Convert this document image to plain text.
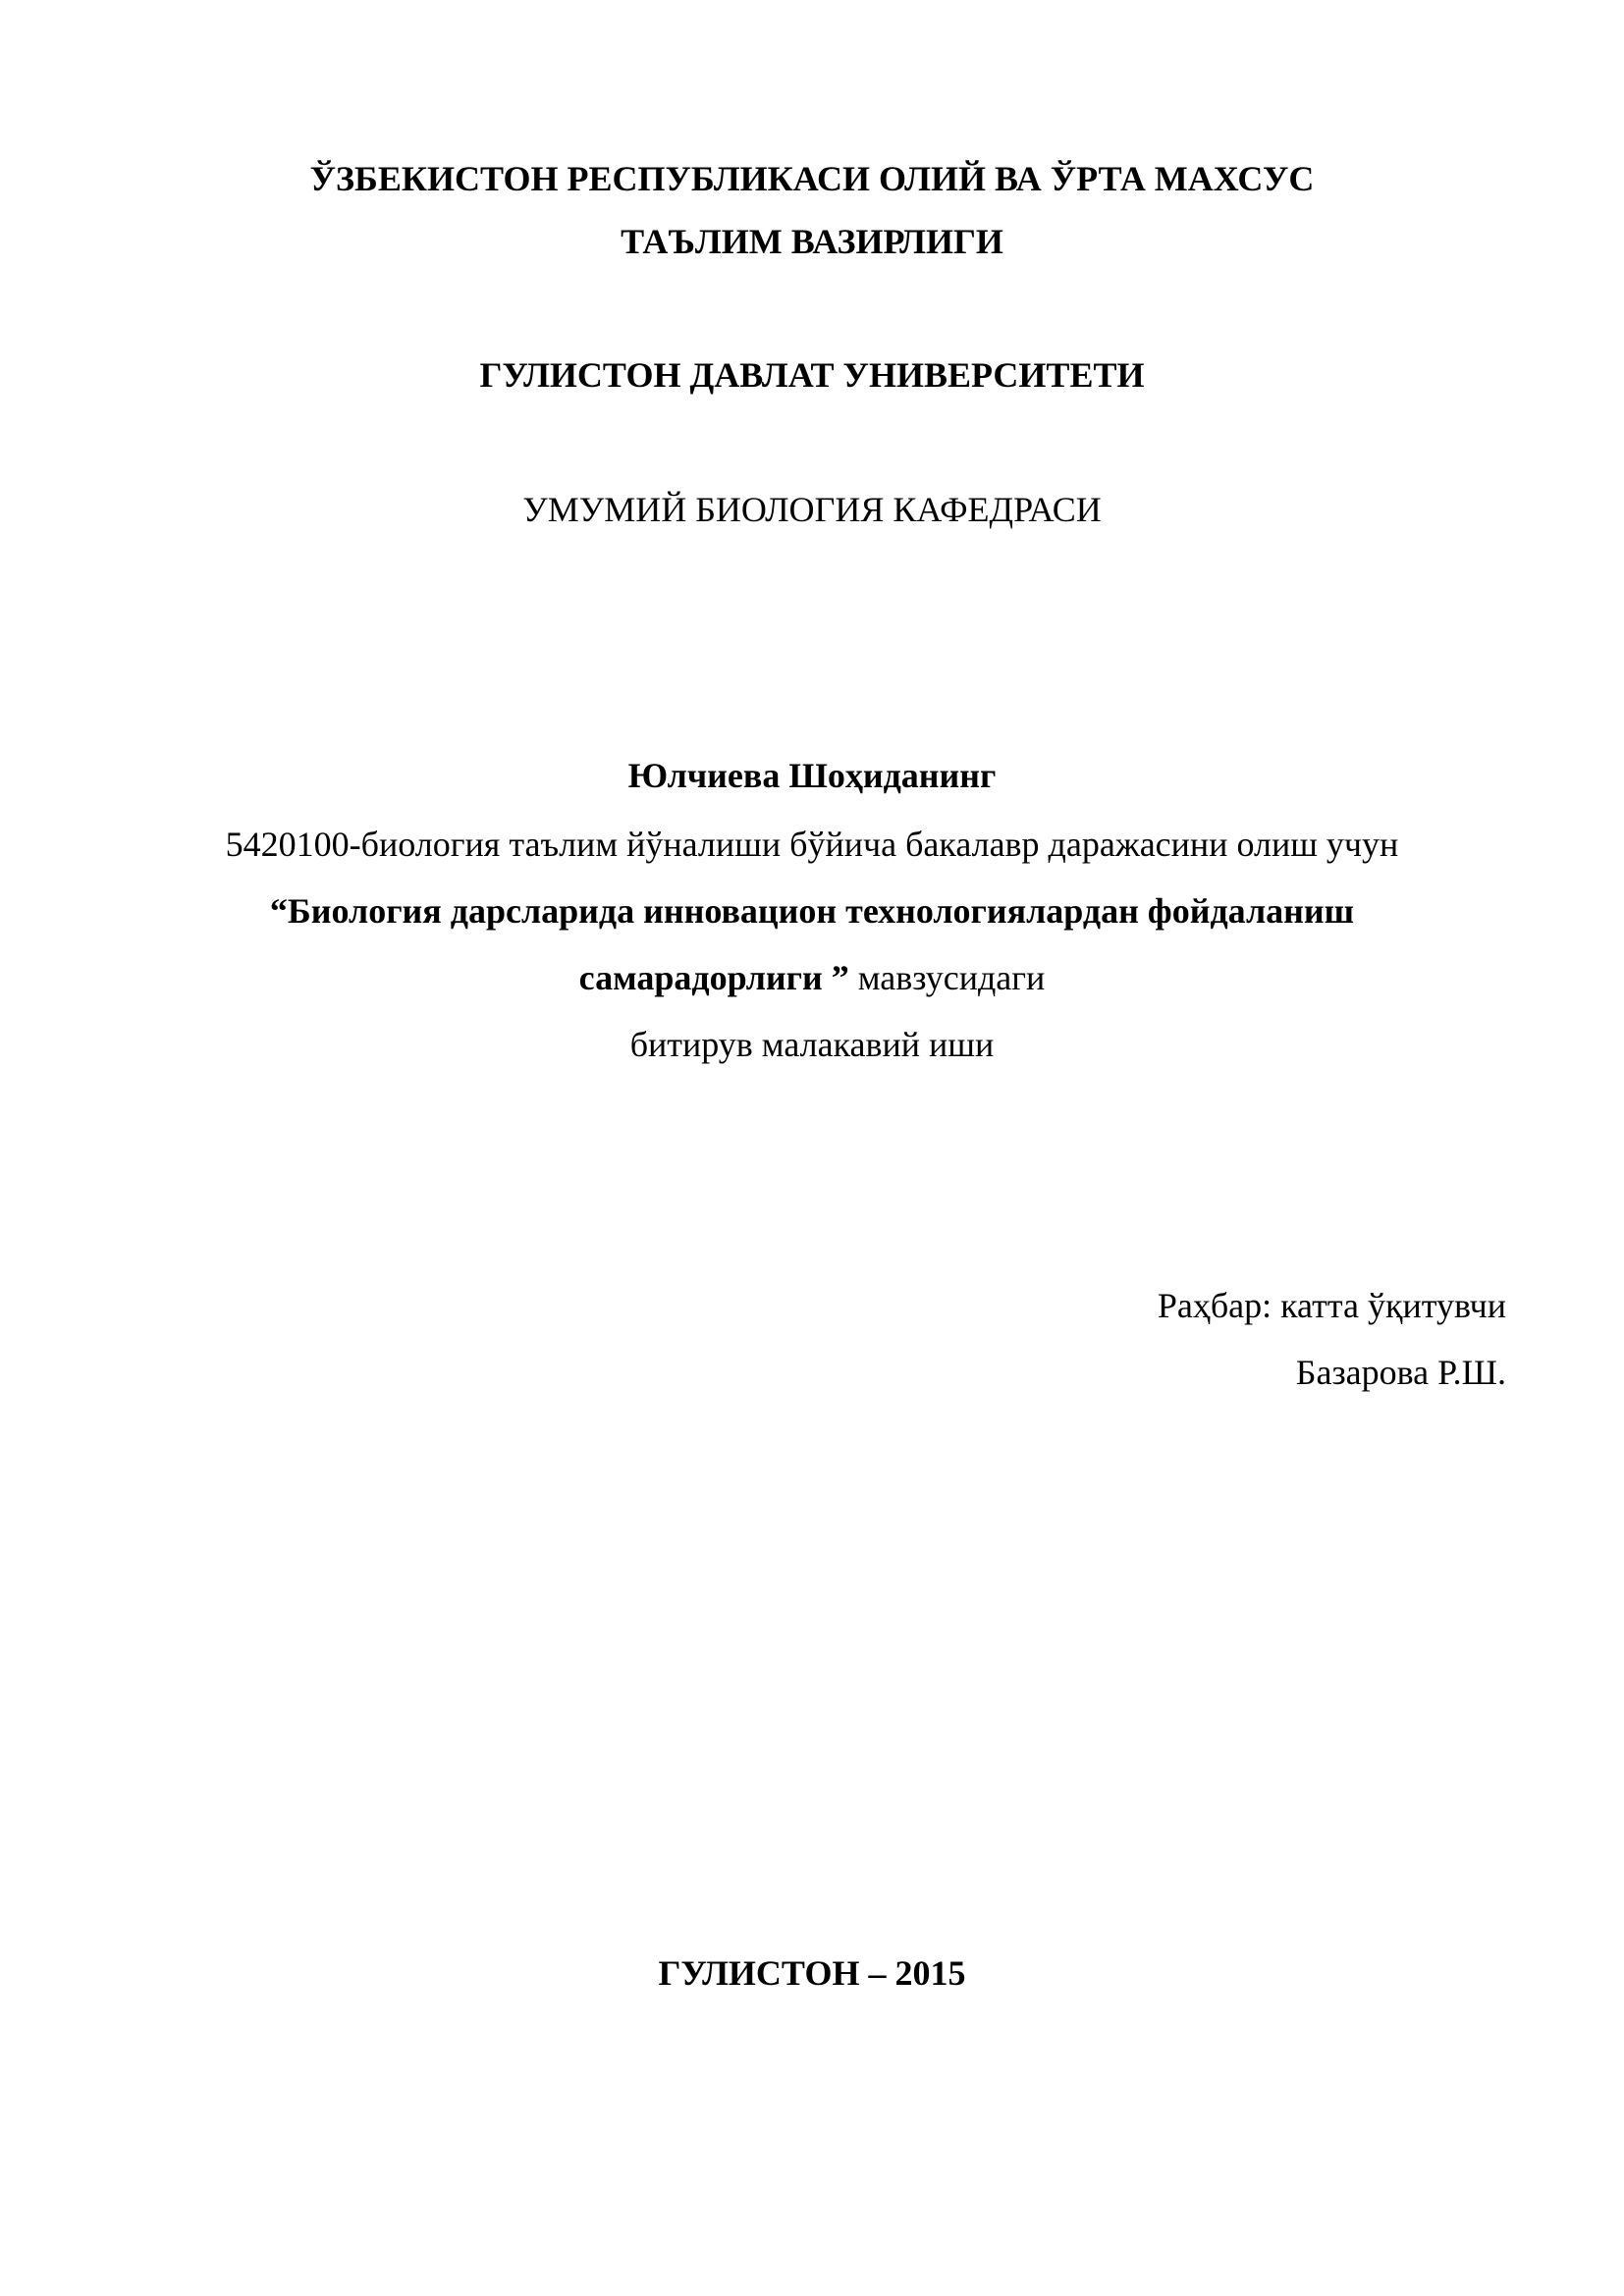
ЎЗБЕКИСТОН РЕСПУБЛИКАСИ ОЛИЙ ВА ЎРТА МАХСУС
ТАЪЛИМ ВАЗИРЛИГИ
ГУЛИСТОН ДАВЛАТ УНИВЕРСИТЕТИ
УМУМИЙ БИОЛОГИЯ КАФЕДРАСИ
Юлчиева Шоҳиданинг
5420100-биология таълим йўналиши бўйича бакалавр даражасини олиш учун
“Биология дарсларида инновацион технологиялардан фойдаланиш
самарадорлиги ” мавзусидаги
битирув малакавий иши
Раҳбар: катта ўқитувчи
Базарова Р.Ш.
ГУЛИСТОН – 2015
